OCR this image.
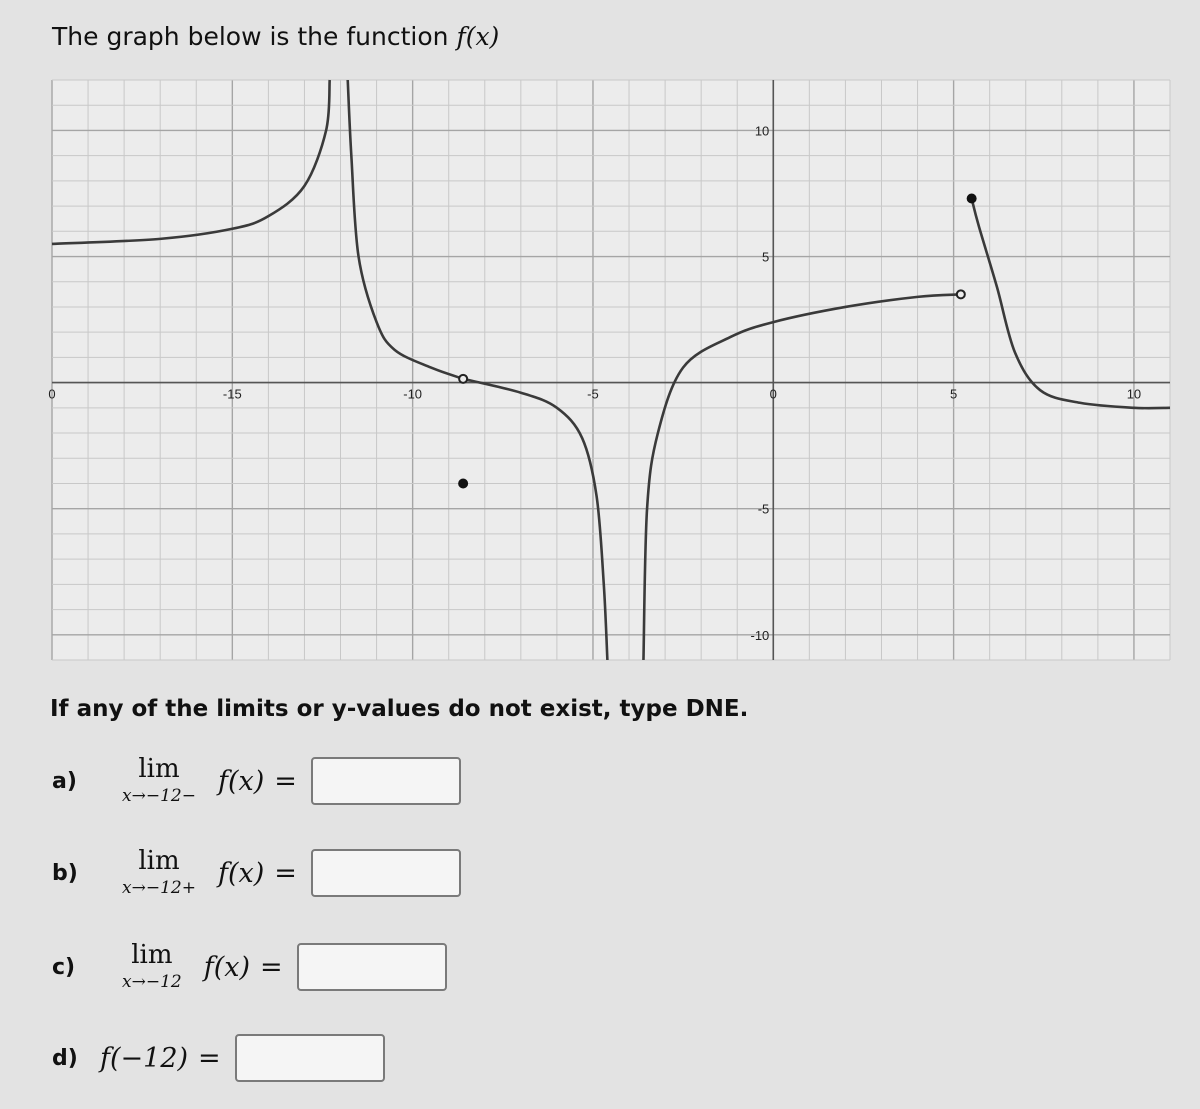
The graph below is the function f(x)
0	-15	-10	-5	0	5	10
10
5
-5
-10
If any of the limits or y-values do not exist, type DNE.
a)	lim
x→−12− f(x) =
b)	lim
x→−12+ f(x) =
c)	lim
x→−12 f(x) =
d) f(−12) =
